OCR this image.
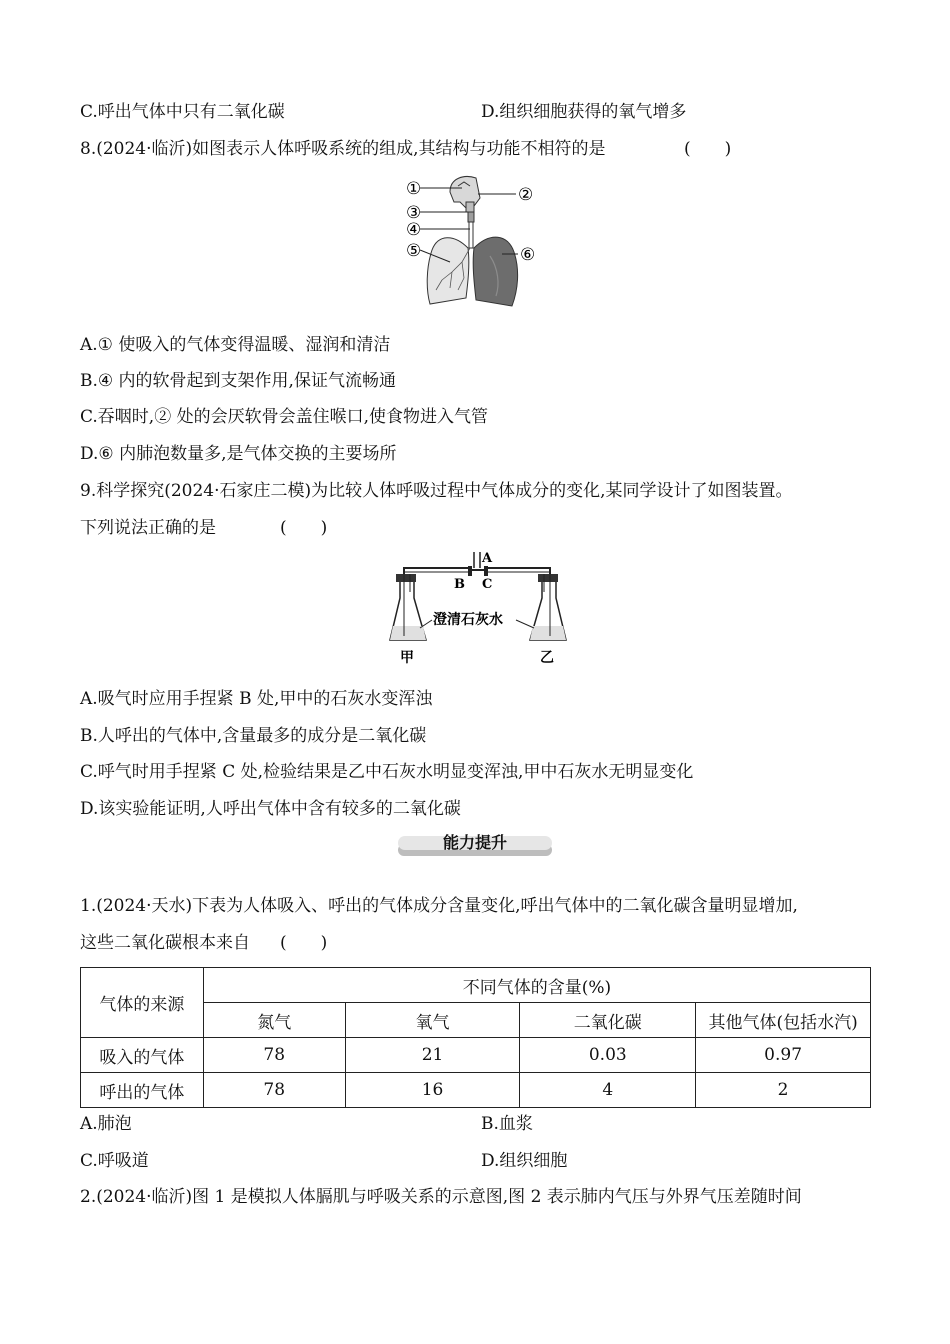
C.呼出气体中只有二氧化碳	D.组织细胞获得的氧气增多
8.(2024·临沂)如图表示人体呼吸系统的组成,其结构与功能不相符的是	(　　)
①	②
③
④
⑤	⑥
A.① 使吸入的气体变得温暖、湿润和清洁
B.④ 内的软骨起到支架作用,保证气流畅通
C.吞咽时,② 处的会厌软骨会盖住喉口,使食物进入气管
D.⑥ 内肺泡数量多,是气体交换的主要场所
9.科学探究(2024·石家庄二模)为比较人体呼吸过程中气体成分的变化,某同学设计了如图装置。
下列说法正确的是	(　　)
A
B C
澄清石灰水
甲	乙
A.吸气时应用手捏紧 B 处,甲中的石灰水变浑浊
B.人呼出的气体中,含量最多的成分是二氧化碳
C.呼气时用手捏紧 C 处,检验结果是乙中石灰水明显变浑浊,甲中石灰水无明显变化
D.该实验能证明,人呼出气体中含有较多的二氧化碳
能力提升
1.(2024·天水)下表为人体吸入、呼出的气体成分含量变化,呼出气体中的二氧化碳含量明显增加,
这些二氧化碳根本来自 (　　)
气体的来源	不同气体的含量(%)			
	氮气	氧气	二氧化碳	其他气体(包括水汽)
吸入的气体	78	21	0.03	0.97
呼出的气体	78	16	4	2
A.肺泡	B.血浆
C.呼吸道	D.组织细胞
2.(2024·临沂)图 1 是模拟人体膈肌与呼吸关系的示意图,图 2 表示肺内气压与外界气压差随时间
